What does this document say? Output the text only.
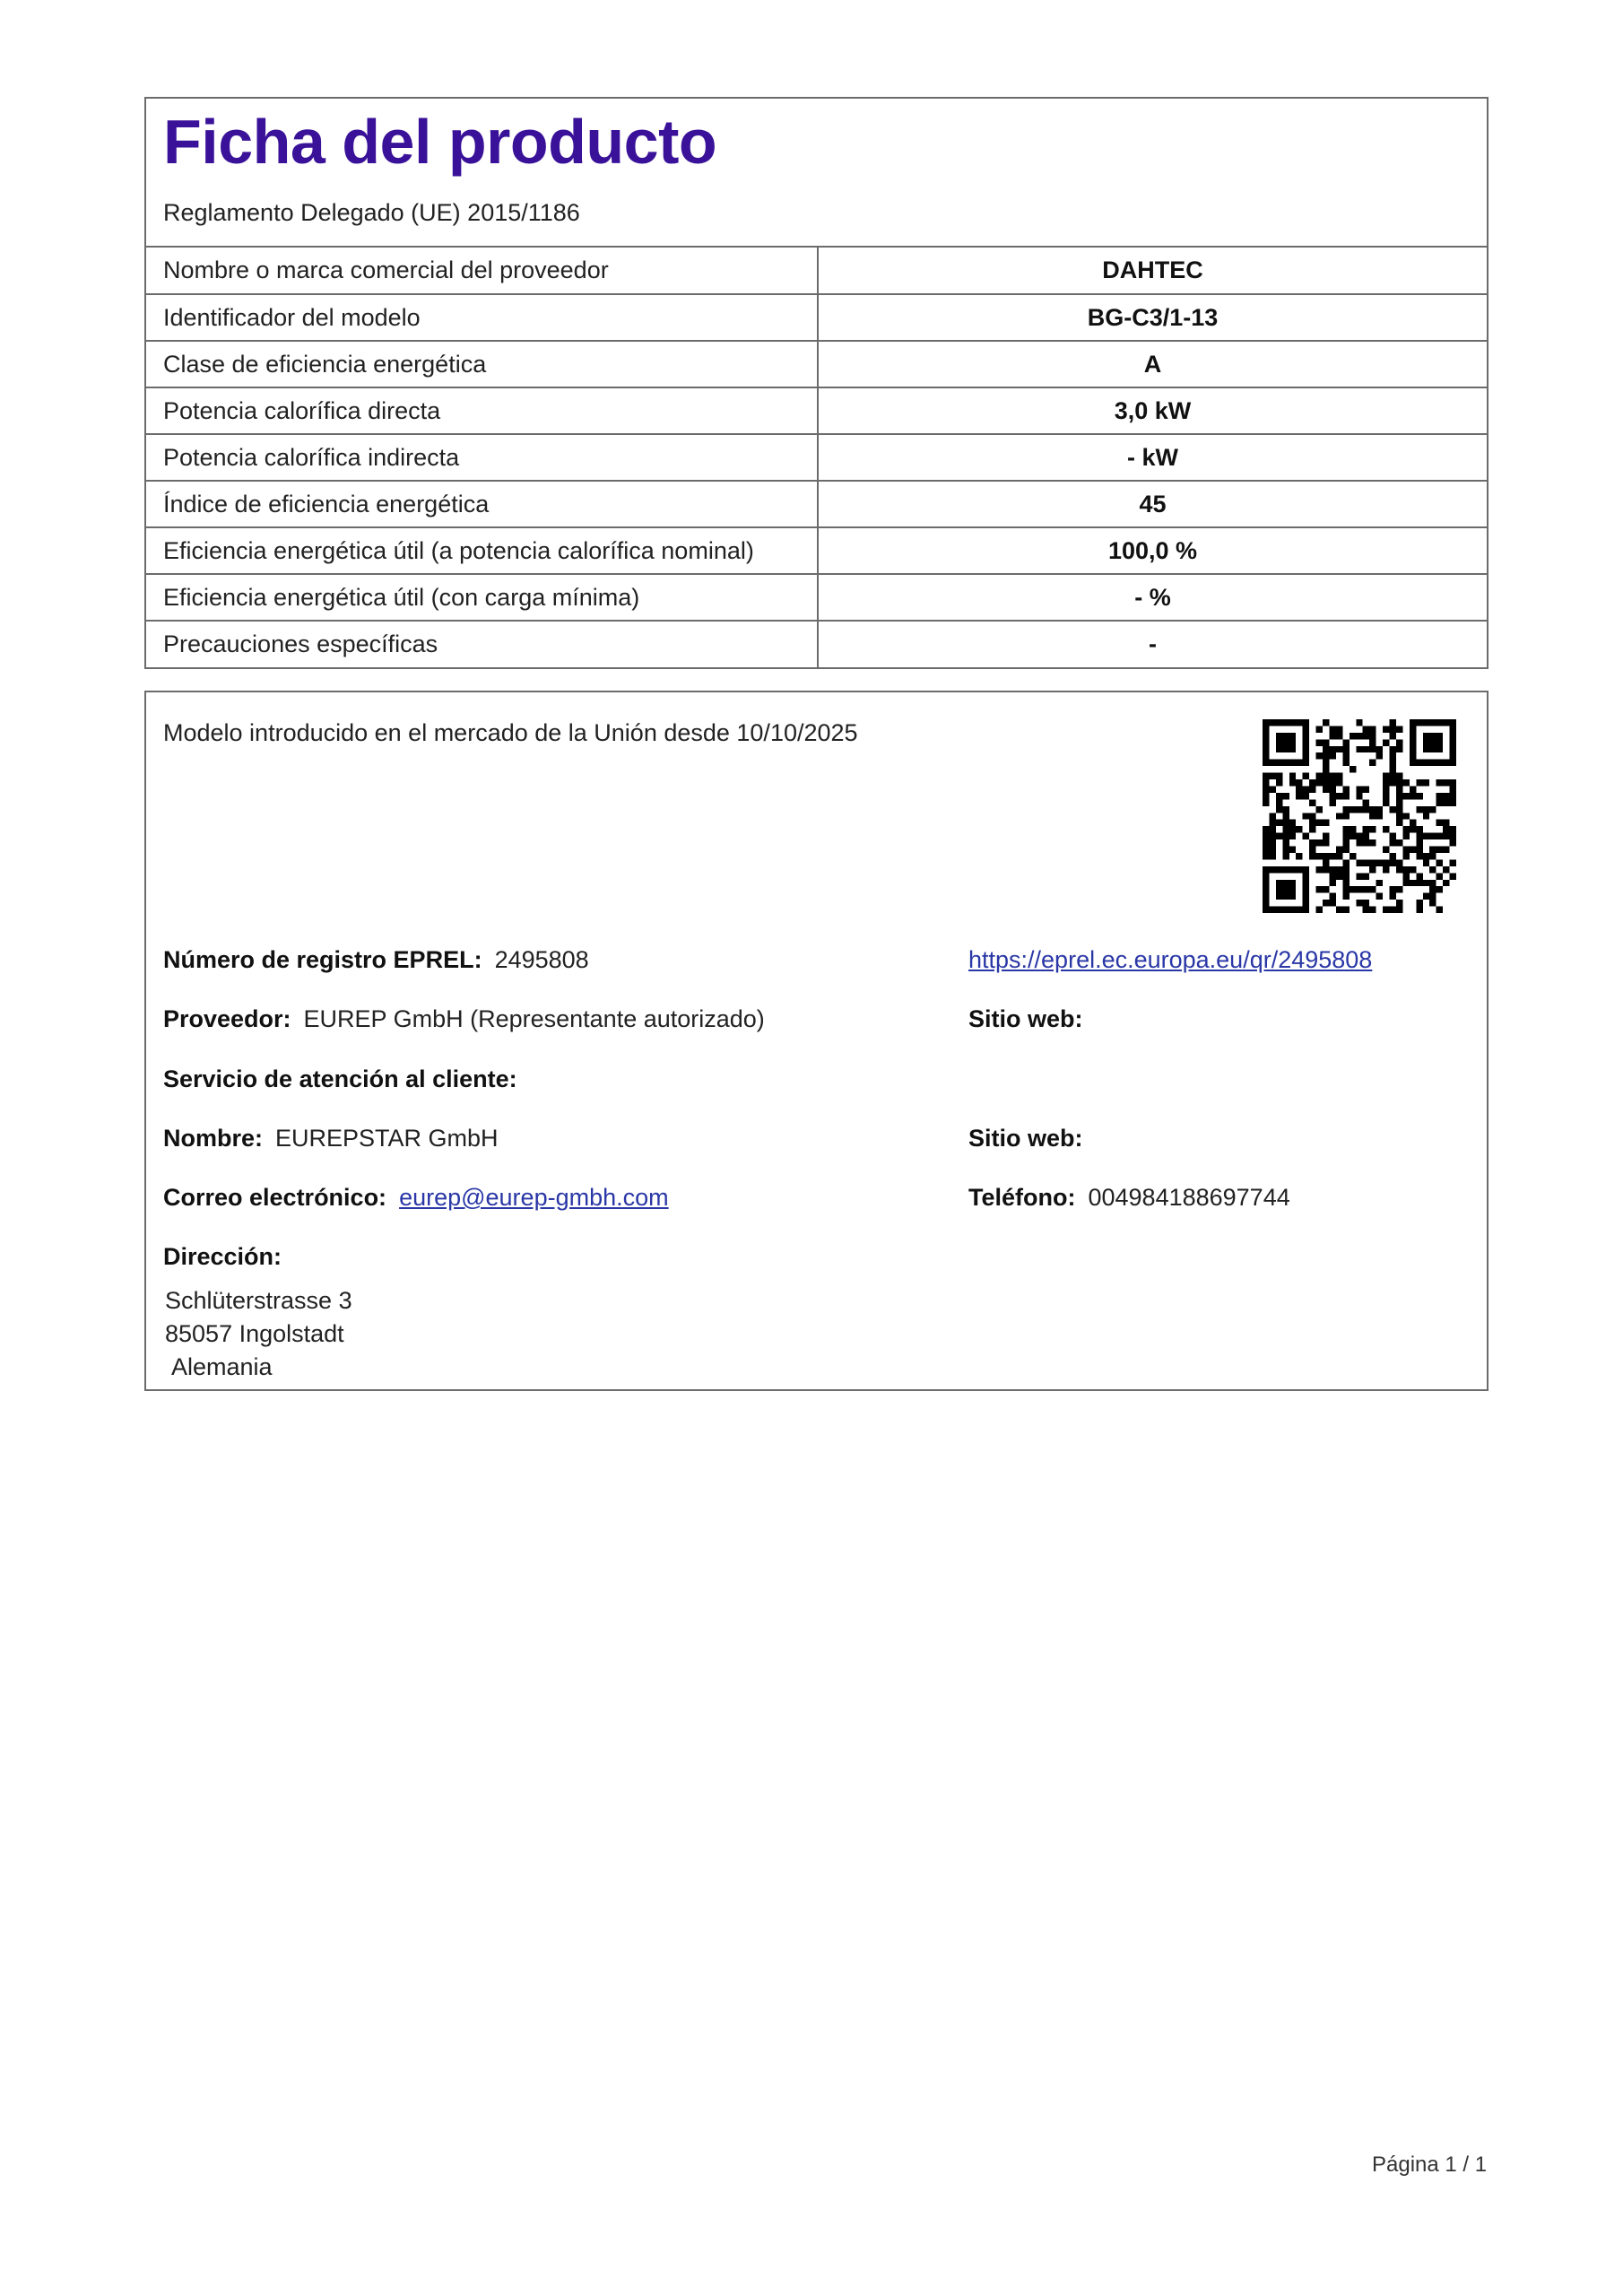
Ficha del producto
Reglamento Delegado (UE) 2015/1186
Nombre o marca comercial del proveedor	DAHTEC
Identificador del modelo	BG-C3/1-13
Clase de eficiencia energética	A
Potencia calorífica directa	3,0 kW
Potencia calorífica indirecta	- kW
Índice de eficiencia energética	45
Eficiencia energética útil (a potencia calorífica nominal)	100,0 %
Eficiencia energética útil (con carga mínima)	- %
Precauciones específicas	-
Modelo introducido en el mercado de la Unión desde 10/10/2025
Número de registro EPREL: 2495808	https://eprel.ec.europa.eu/qr/2495808
Proveedor: EUREP GmbH (Representante autorizado)	Sitio web:
Servicio de atención al cliente:
Nombre: EUREPSTAR GmbH	Sitio web:
Correo electrónico: eurep@eurep-gmbh.com	Teléfono: 004984188697744
Dirección:
Schlüterstrasse 3
85057 Ingolstadt
Alemania
Página 1 / 1
